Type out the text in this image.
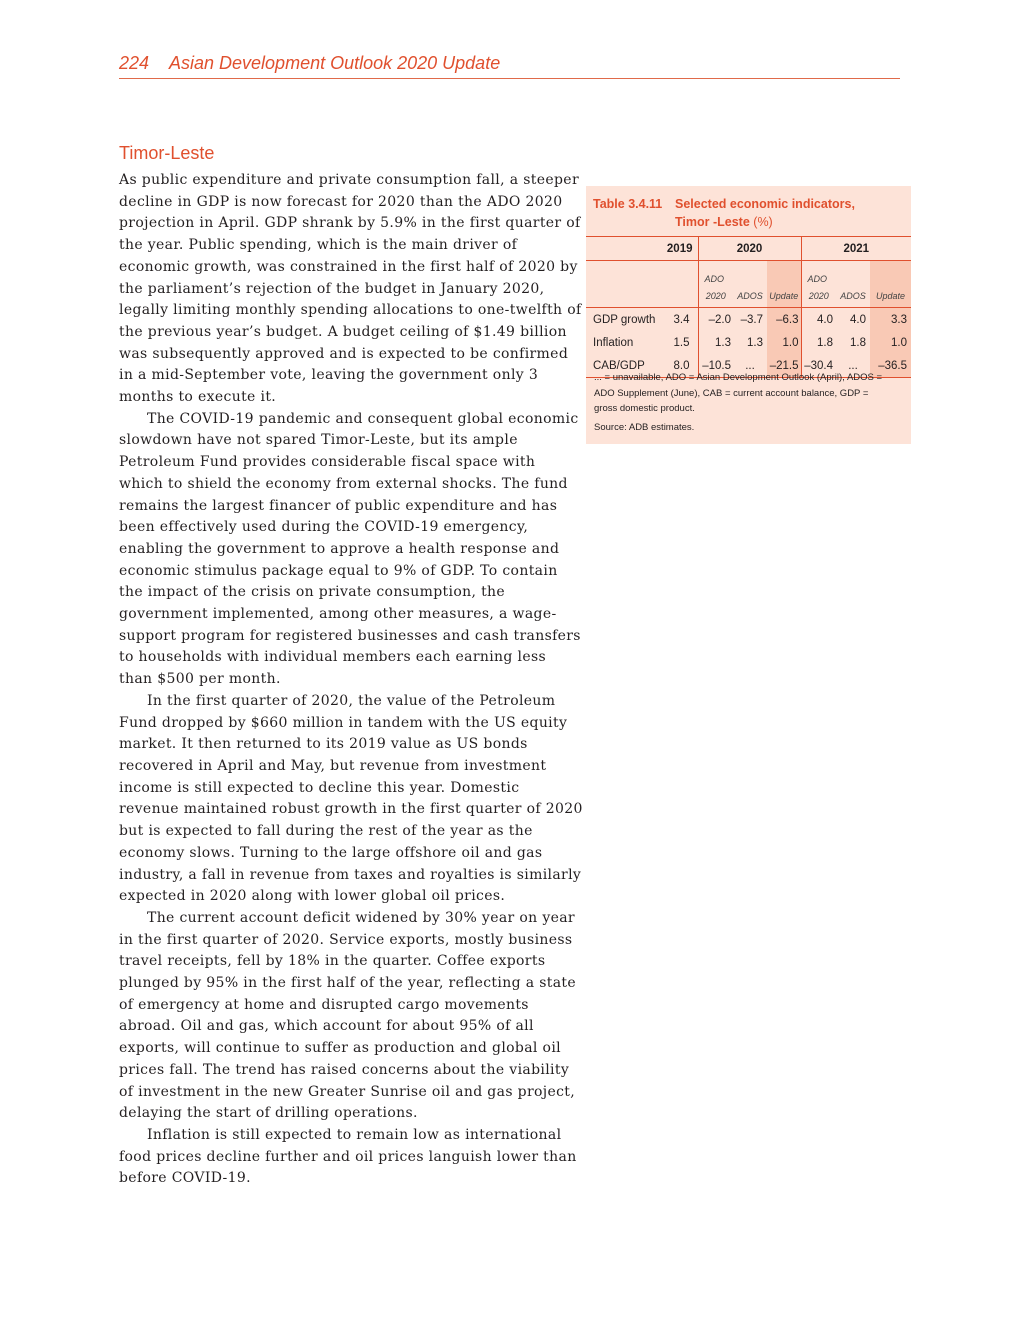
224 Asian Development Outlook 2020 Update
Timor-Leste

As public expenditure and private consumption fall, a steeper decline in GDP is now forecast for 2020 than the ADO 2020 projection in April. GDP shrank by 5.9% in the first quarter of the year. Public spending, which is the main driver of economic growth, was constrained in the first half of 2020 by the parliament’s rejection of the budget in January 2020, legally limiting monthly spending allocations to one-twelfth of the previous year’s budget. A budget ceiling of $1.49 billion was subsequently approved and is expected to be confirmed in a mid-September vote, leaving the government only 3 months to execute it.

The COVID-19 pandemic and consequent global economic slowdown have not spared Timor-Leste, but its ample Petroleum Fund provides considerable fiscal space with which to shield the economy from external shocks. The fund remains the largest financer of public expenditure and has been effectively used during the COVID-19 emergency, enabling the government to approve a health response and economic stimulus package equal to 9% of GDP. To contain the impact of the crisis on private consumption, the government implemented, among other measures, a wage-support program for registered businesses and cash transfers to households with individual members each earning less than $500 per month.

In the first quarter of 2020, the value of the Petroleum Fund dropped by $660 million in tandem with the US equity market. It then returned to its 2019 value as US bonds recovered in April and May, but revenue from investment income is still expected to decline this year. Domestic revenue maintained robust growth in the first quarter of 2020 but is expected to fall during the rest of the year as the economy slows. Turning to the large offshore oil and gas industry, a fall in revenue from taxes and royalties is similarly expected in 2020 along with lower global oil prices.

The current account deficit widened by 30% year on year in the first quarter of 2020. Service exports, mostly business travel receipts, fell by 18% in the quarter. Coffee exports plunged by 95% in the first half of the year, reflecting a state of emergency at home and disrupted cargo movements abroad. Oil and gas, which account for about 95% of all exports, will continue to suffer as production and global oil prices fall. The trend has raised concerns about the viability of investment in the new Greater Sunrise oil and gas project, delaying the start of drilling operations.

Inflation is still expected to remain low as international food prices decline further and oil prices languish lower than before COVID-19.

Table 3.4.11 Selected economic indicators,
Timor -Leste (%)
	2019	2020			2021		
		ADO			ADO		
		2020	ADOS	Update	2020	ADOS	Update
GDP growth	3.4	–2.0	–3.7	–6.3	4.0	4.0	3.3
Inflation	1.5	1.3	1.3	1.0	1.8	1.8	1.0
CAB/GDP	8.0	–10.5	...	–21.5	–30.4	...	–36.5
... = unavailable, ADO = Asian Development Outlook (April), ADOS = ADO Supplement (June), CAB = current account balance, GDP = gross domestic product.
Source: ADB estimates.
